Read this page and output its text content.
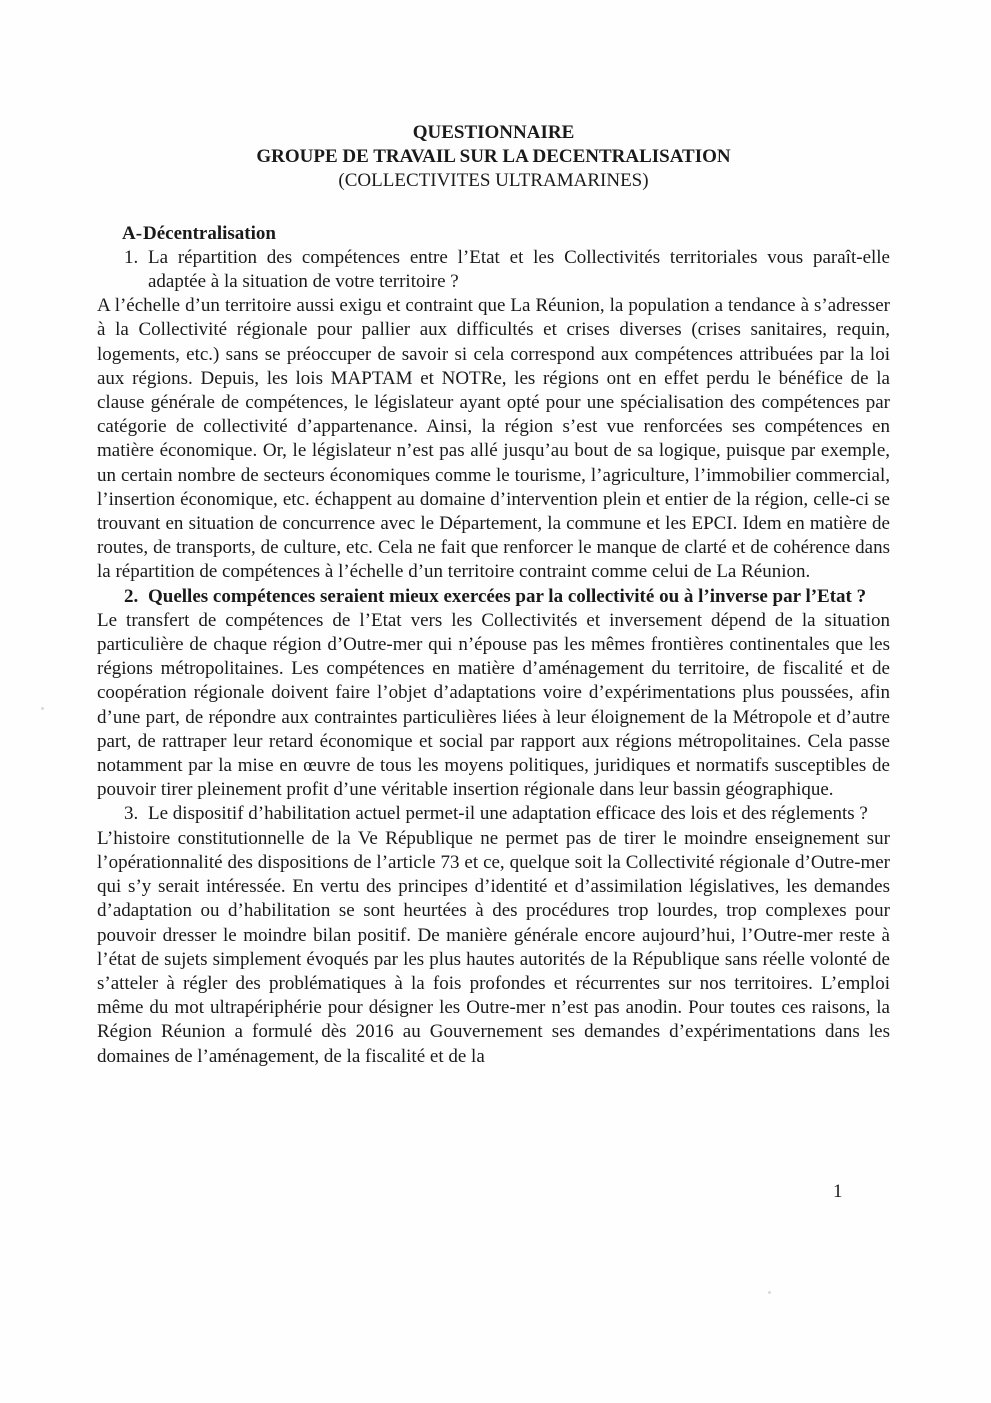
QUESTIONNAIRE
GROUPE DE TRAVAIL SUR LA DECENTRALISATION
(COLLECTIVITES ULTRAMARINES)
A-Décentralisation
1. La répartition des compétences entre l’Etat et les Collectivités territoriales vous paraît-elle adaptée à la situation de votre territoire ?

A l’échelle d’un territoire aussi exigu et contraint que La Réunion, la population a tendance à s’adresser à la Collectivité régionale pour pallier aux difficultés et crises diverses (crises sanitaires, requin, logements, etc.) sans se préoccuper de savoir si cela correspond aux compétences attribuées par la loi aux régions. Depuis, les lois MAPTAM et NOTRe, les régions ont en effet perdu le bénéfice de la clause générale de compétences, le législateur ayant opté pour une spécialisation des compétences par catégorie de collectivité d’appartenance. Ainsi, la région s’est vue renforcées ses compétences en matière économique. Or, le législateur n’est pas allé jusqu’au bout de sa logique, puisque par exemple, un certain nombre de secteurs économiques comme le tourisme, l’agriculture, l’immobilier commercial, l’insertion économique, etc. échappent au domaine d’intervention plein et entier de la région, celle-ci se trouvant en situation de concurrence avec le Département, la commune et les EPCI. Idem en matière de routes, de transports, de culture, etc. Cela ne fait que renforcer le manque de clarté et de cohérence dans la répartition de compétences à l’échelle d’un territoire contraint comme celui de La Réunion.

2. Quelles compétences seraient mieux exercées par la collectivité ou à l’inverse par l’Etat ?

Le transfert de compétences de l’Etat vers les Collectivités et inversement dépend de la situation particulière de chaque région d’Outre-mer qui n’épouse pas les mêmes frontières continentales que les régions métropolitaines. Les compétences en matière d’aménagement du territoire, de fiscalité et de coopération régionale doivent faire l’objet d’adaptations voire d’expérimentations plus poussées, afin d’une part, de répondre aux contraintes particulières liées à leur éloignement de la Métropole et d’autre part, de rattraper leur retard économique et social par rapport aux régions métropolitaines. Cela passe notamment par la mise en œuvre de tous les moyens politiques, juridiques et normatifs susceptibles de pouvoir tirer pleinement profit d’une véritable insertion régionale dans leur bassin géographique.

3. Le dispositif d’habilitation actuel permet-il une adaptation efficace des lois et des réglements ?

L’histoire constitutionnelle de la Ve République ne permet pas de tirer le moindre enseignement sur l’opérationnalité des dispositions de l’article 73 et ce, quelque soit la Collectivité régionale d’Outre-mer qui s’y serait intéressée. En vertu des principes d’identité et d’assimilation législatives, les demandes d’adaptation ou d’habilitation se sont heurtées à des procédures trop lourdes, trop complexes pour pouvoir dresser le moindre bilan positif. De manière générale encore aujourd’hui, l’Outre-mer reste à l’état de sujets simplement évoqués par les plus hautes autorités de la République sans réelle volonté de s’atteler à régler des problématiques à la fois profondes et récurrentes sur nos territoires. L’emploi même du mot ultrapériphérie pour désigner les Outre-mer n’est pas anodin. Pour toutes ces raisons, la Région Réunion a formulé dès 2016 au Gouvernement ses demandes d’expérimentations dans les domaines de l’aménagement, de la fiscalité et de la

1
